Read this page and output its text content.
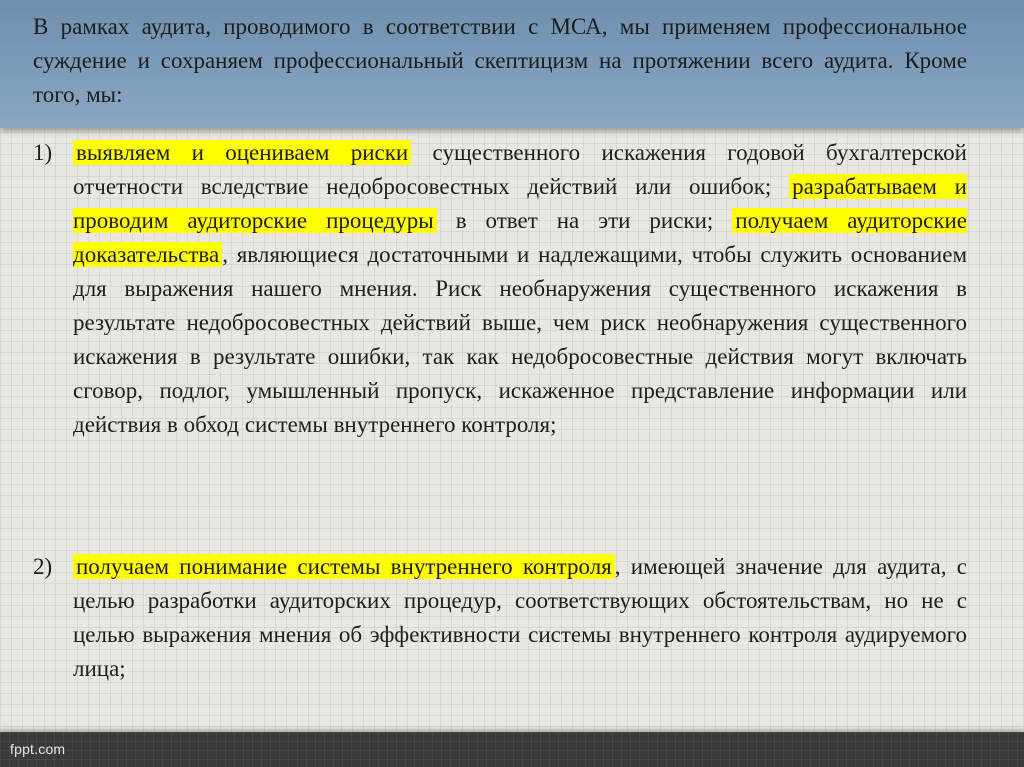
В рамках аудита, проводимого в соответствии с МСА, мы применяем профессиональное суждение и сохраняем профессиональный скептицизм на протяжении всего аудита. Кроме того, мы:

1)	выявляем и оцениваем риски существенного искажения годовой бухгалтерской отчетности вследствие недобросовестных действий или ошибок; разрабатываем и проводим аудиторские процедуры в ответ на эти риски; получаем аудиторские доказательства , являющиеся достаточными и надлежащими, чтобы служить основанием для выражения нашего мнения. Риск необнаружения существенного искажения в результате недобросовестных действий выше, чем риск необнаружения существенного искажения в результате ошибки, так как недобросовестные действия могут включать сговор, подлог, умышленный пропуск, искаженное представление информации или действия в обход системы внутреннего контроля;

2)	получаем понимание системы внутреннего контроля , имеющей значение для аудита, с целью разработки аудиторских процедур, соответствующих обстоятельствам, но не с целью выражения мнения об эффективности системы внутреннего контроля аудируемого лица;

fppt.com
